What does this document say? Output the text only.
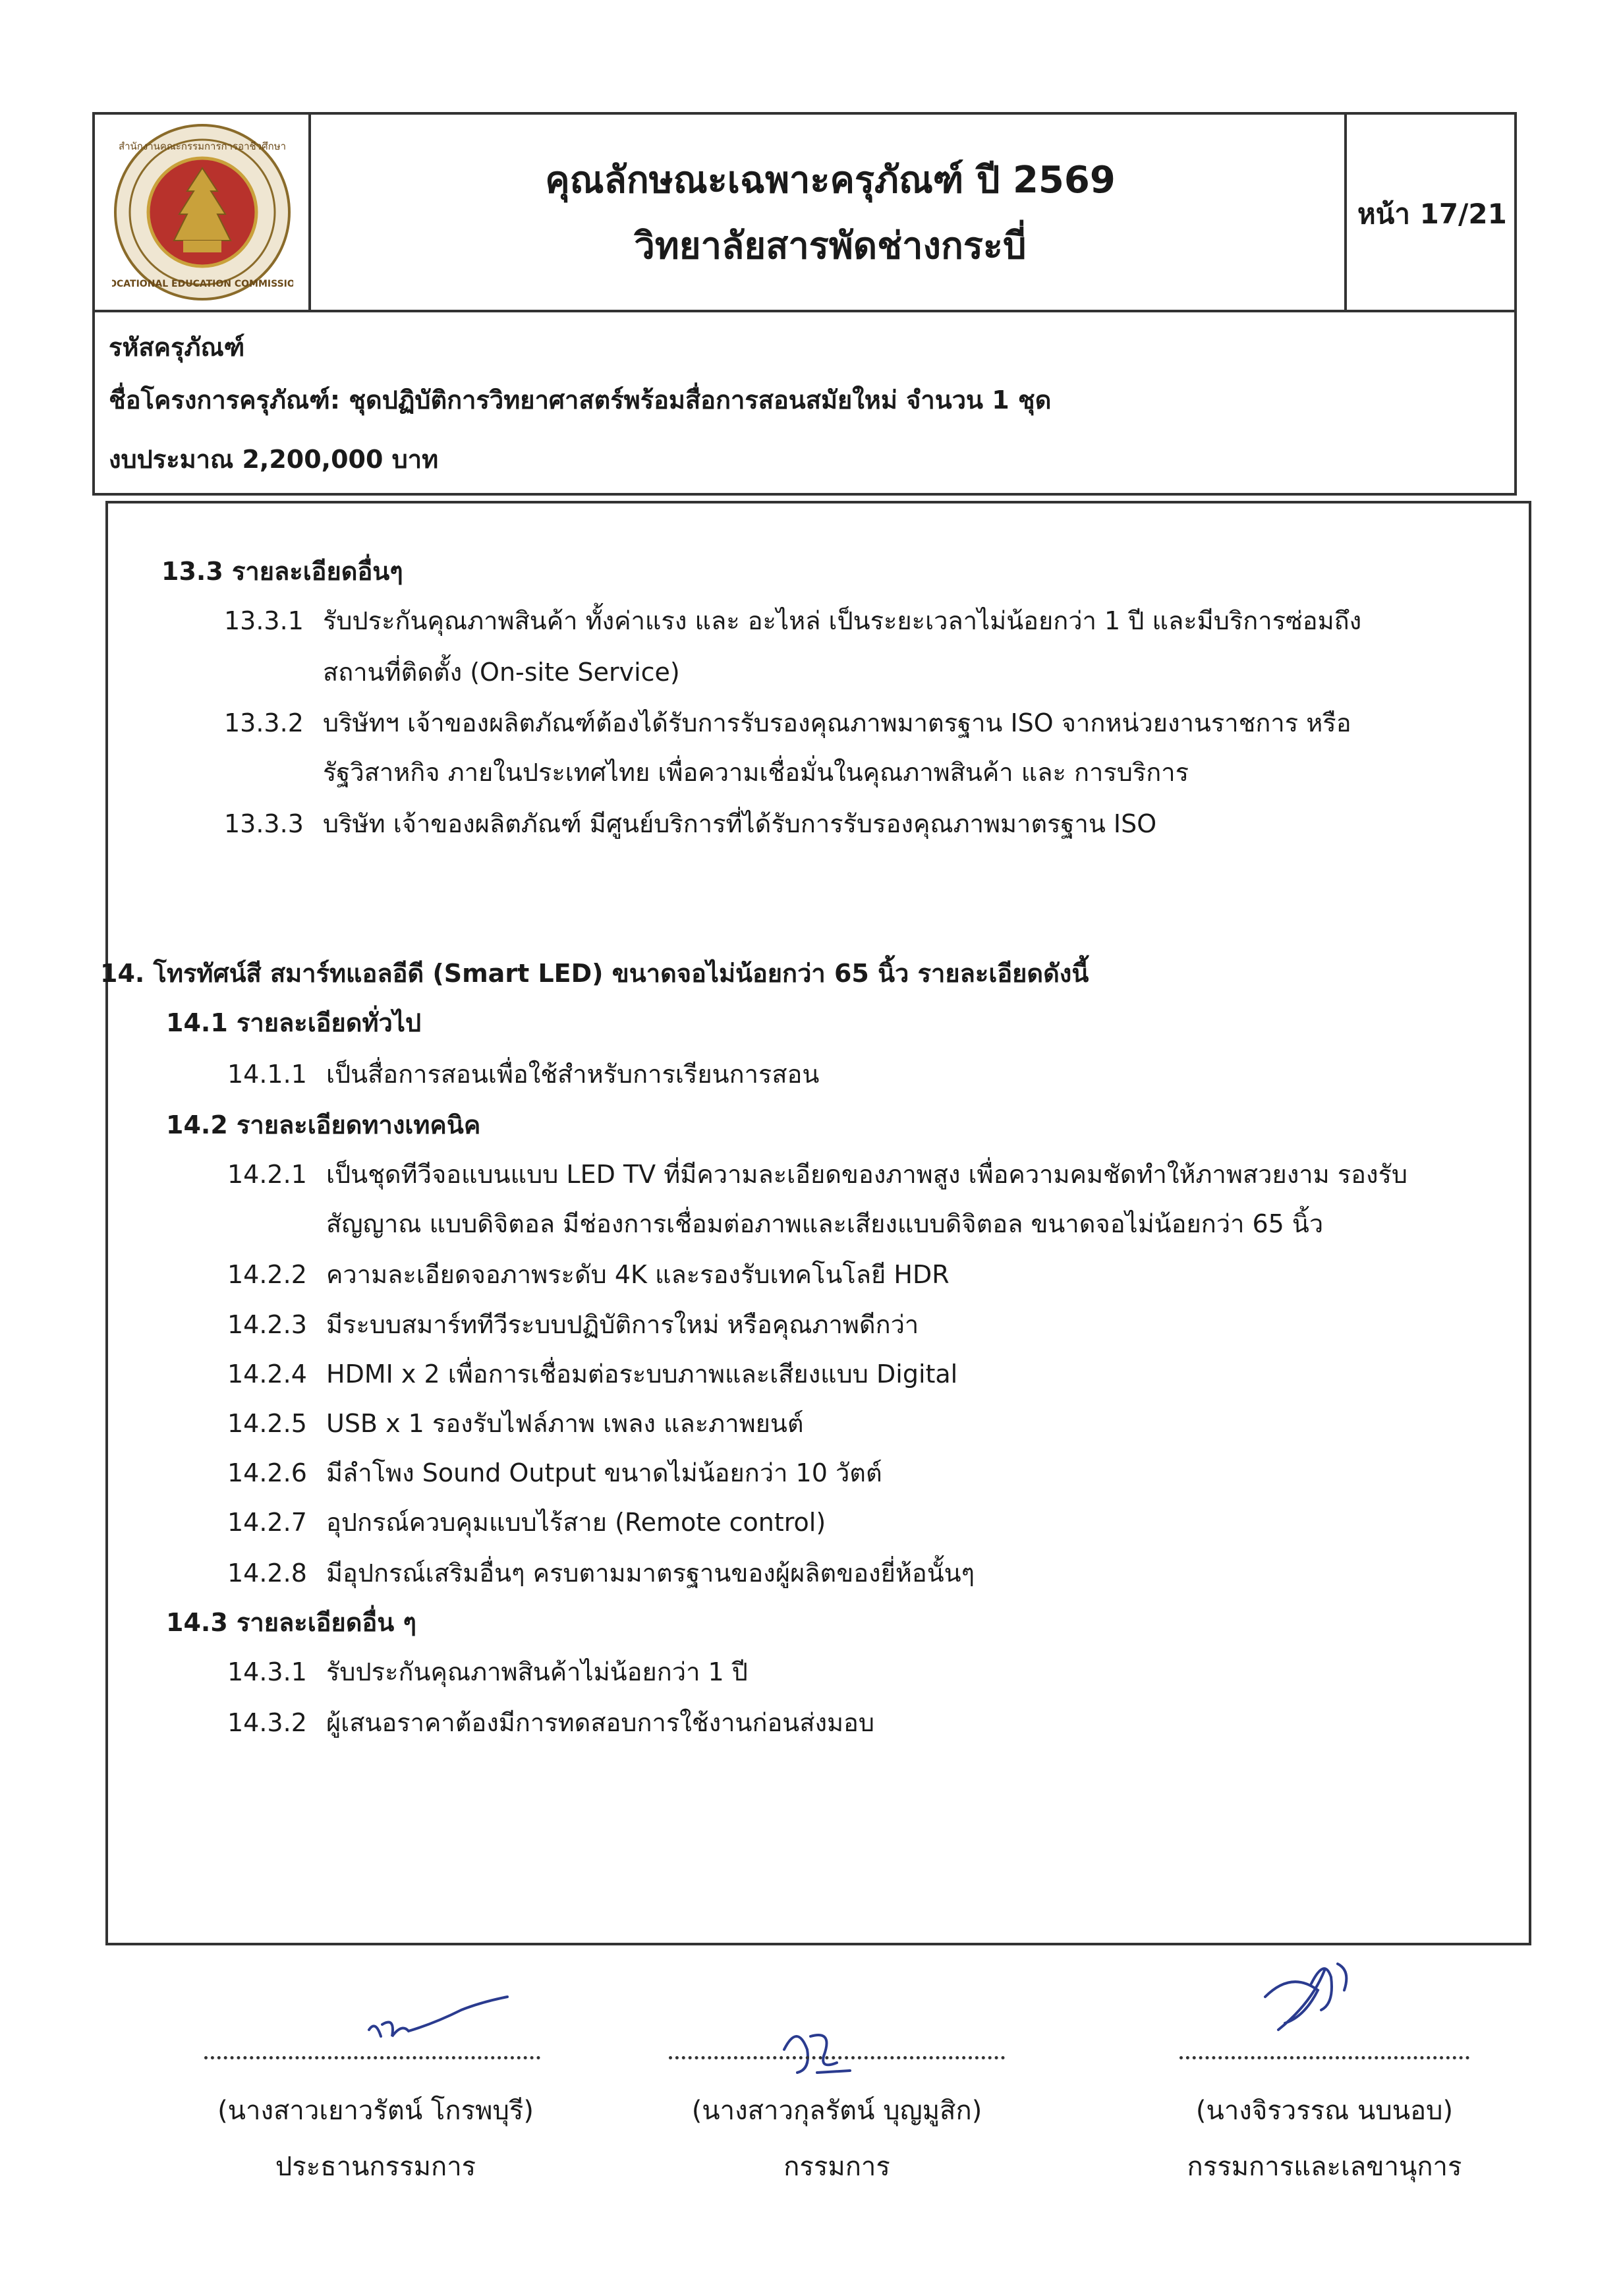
สำนักงานคณะกรรมการการอาชีวศึกษา
VOCATIONAL EDUCATION COMMISSION
คุณลักษณะเฉพาะครุภัณฑ์ ปี 2569
วิทยาลัยสารพัดช่างกระบี่
หน้า 17/21
รหัสครุภัณฑ์
ชื่อโครงการครุภัณฑ์: ชุดปฏิบัติการวิทยาศาสตร์พร้อมสื่อการสอนสมัยใหม่ จำนวน 1 ชุด
งบประมาณ 2,200,000 บาท
13.3 รายละเอียดอื่นๆ
13.3.1 รับประกันคุณภาพสินค้า ทั้งค่าแรง และ อะไหล่ เป็นระยะเวลาไม่น้อยกว่า 1 ปี และมีบริการซ่อมถึง
สถานที่ติดตั้ง (On-site Service)
13.3.2 บริษัทฯ เจ้าของผลิตภัณฑ์ต้องได้รับการรับรองคุณภาพมาตรฐาน ISO จากหน่วยงานราชการ หรือ
รัฐวิสาหกิจ ภายในประเทศไทย เพื่อความเชื่อมั่นในคุณภาพสินค้า และ การบริการ
13.3.3 บริษัท เจ้าของผลิตภัณฑ์ มีศูนย์บริการที่ได้รับการรับรองคุณภาพมาตรฐาน ISO
14. โทรทัศน์สี สมาร์ทแอลอีดี (Smart LED) ขนาดจอไม่น้อยกว่า 65 นิ้ว รายละเอียดดังนี้
14.1 รายละเอียดทั่วไป
14.1.1 เป็นสื่อการสอนเพื่อใช้สำหรับการเรียนการสอน
14.2 รายละเอียดทางเทคนิค
14.2.1 เป็นชุดทีวีจอแบนแบบ LED TV ที่มีความละเอียดของภาพสูง เพื่อความคมชัดทำให้ภาพสวยงาม รองรับ
สัญญาณ แบบดิจิตอล มีช่องการเชื่อมต่อภาพและเสียงแบบดิจิตอล ขนาดจอไม่น้อยกว่า 65 นิ้ว
14.2.2 ความละเอียดจอภาพระดับ 4K และรองรับเทคโนโลยี HDR
14.2.3 มีระบบสมาร์ททีวีระบบปฏิบัติการใหม่ หรือคุณภาพดีกว่า
14.2.4 HDMI x 2 เพื่อการเชื่อมต่อระบบภาพและเสียงแบบ Digital
14.2.5 USB x 1 รองรับไฟล์ภาพ เพลง และภาพยนต์
14.2.6 มีลำโพง Sound Output ขนาดไม่น้อยกว่า 10 วัตต์
14.2.7 อุปกรณ์ควบคุมแบบไร้สาย (Remote control)
14.2.8 มีอุปกรณ์เสริมอื่นๆ ครบตามมาตรฐานของผู้ผลิตของยี่ห้อนั้นๆ
14.3 รายละเอียดอื่น ๆ
14.3.1 รับประกันคุณภาพสินค้าไม่น้อยกว่า 1 ปี
14.3.2 ผู้เสนอราคาต้องมีการทดสอบการใช้งานก่อนส่งมอบ
(นางสาวเยาวรัตน์ โกรพบุรี)
ประธานกรรมการ
(นางสาวกุลรัตน์ บุญมูสิก)
กรรมการ
(นางจิรวรรณ นบนอบ)
กรรมการและเลขานุการ
